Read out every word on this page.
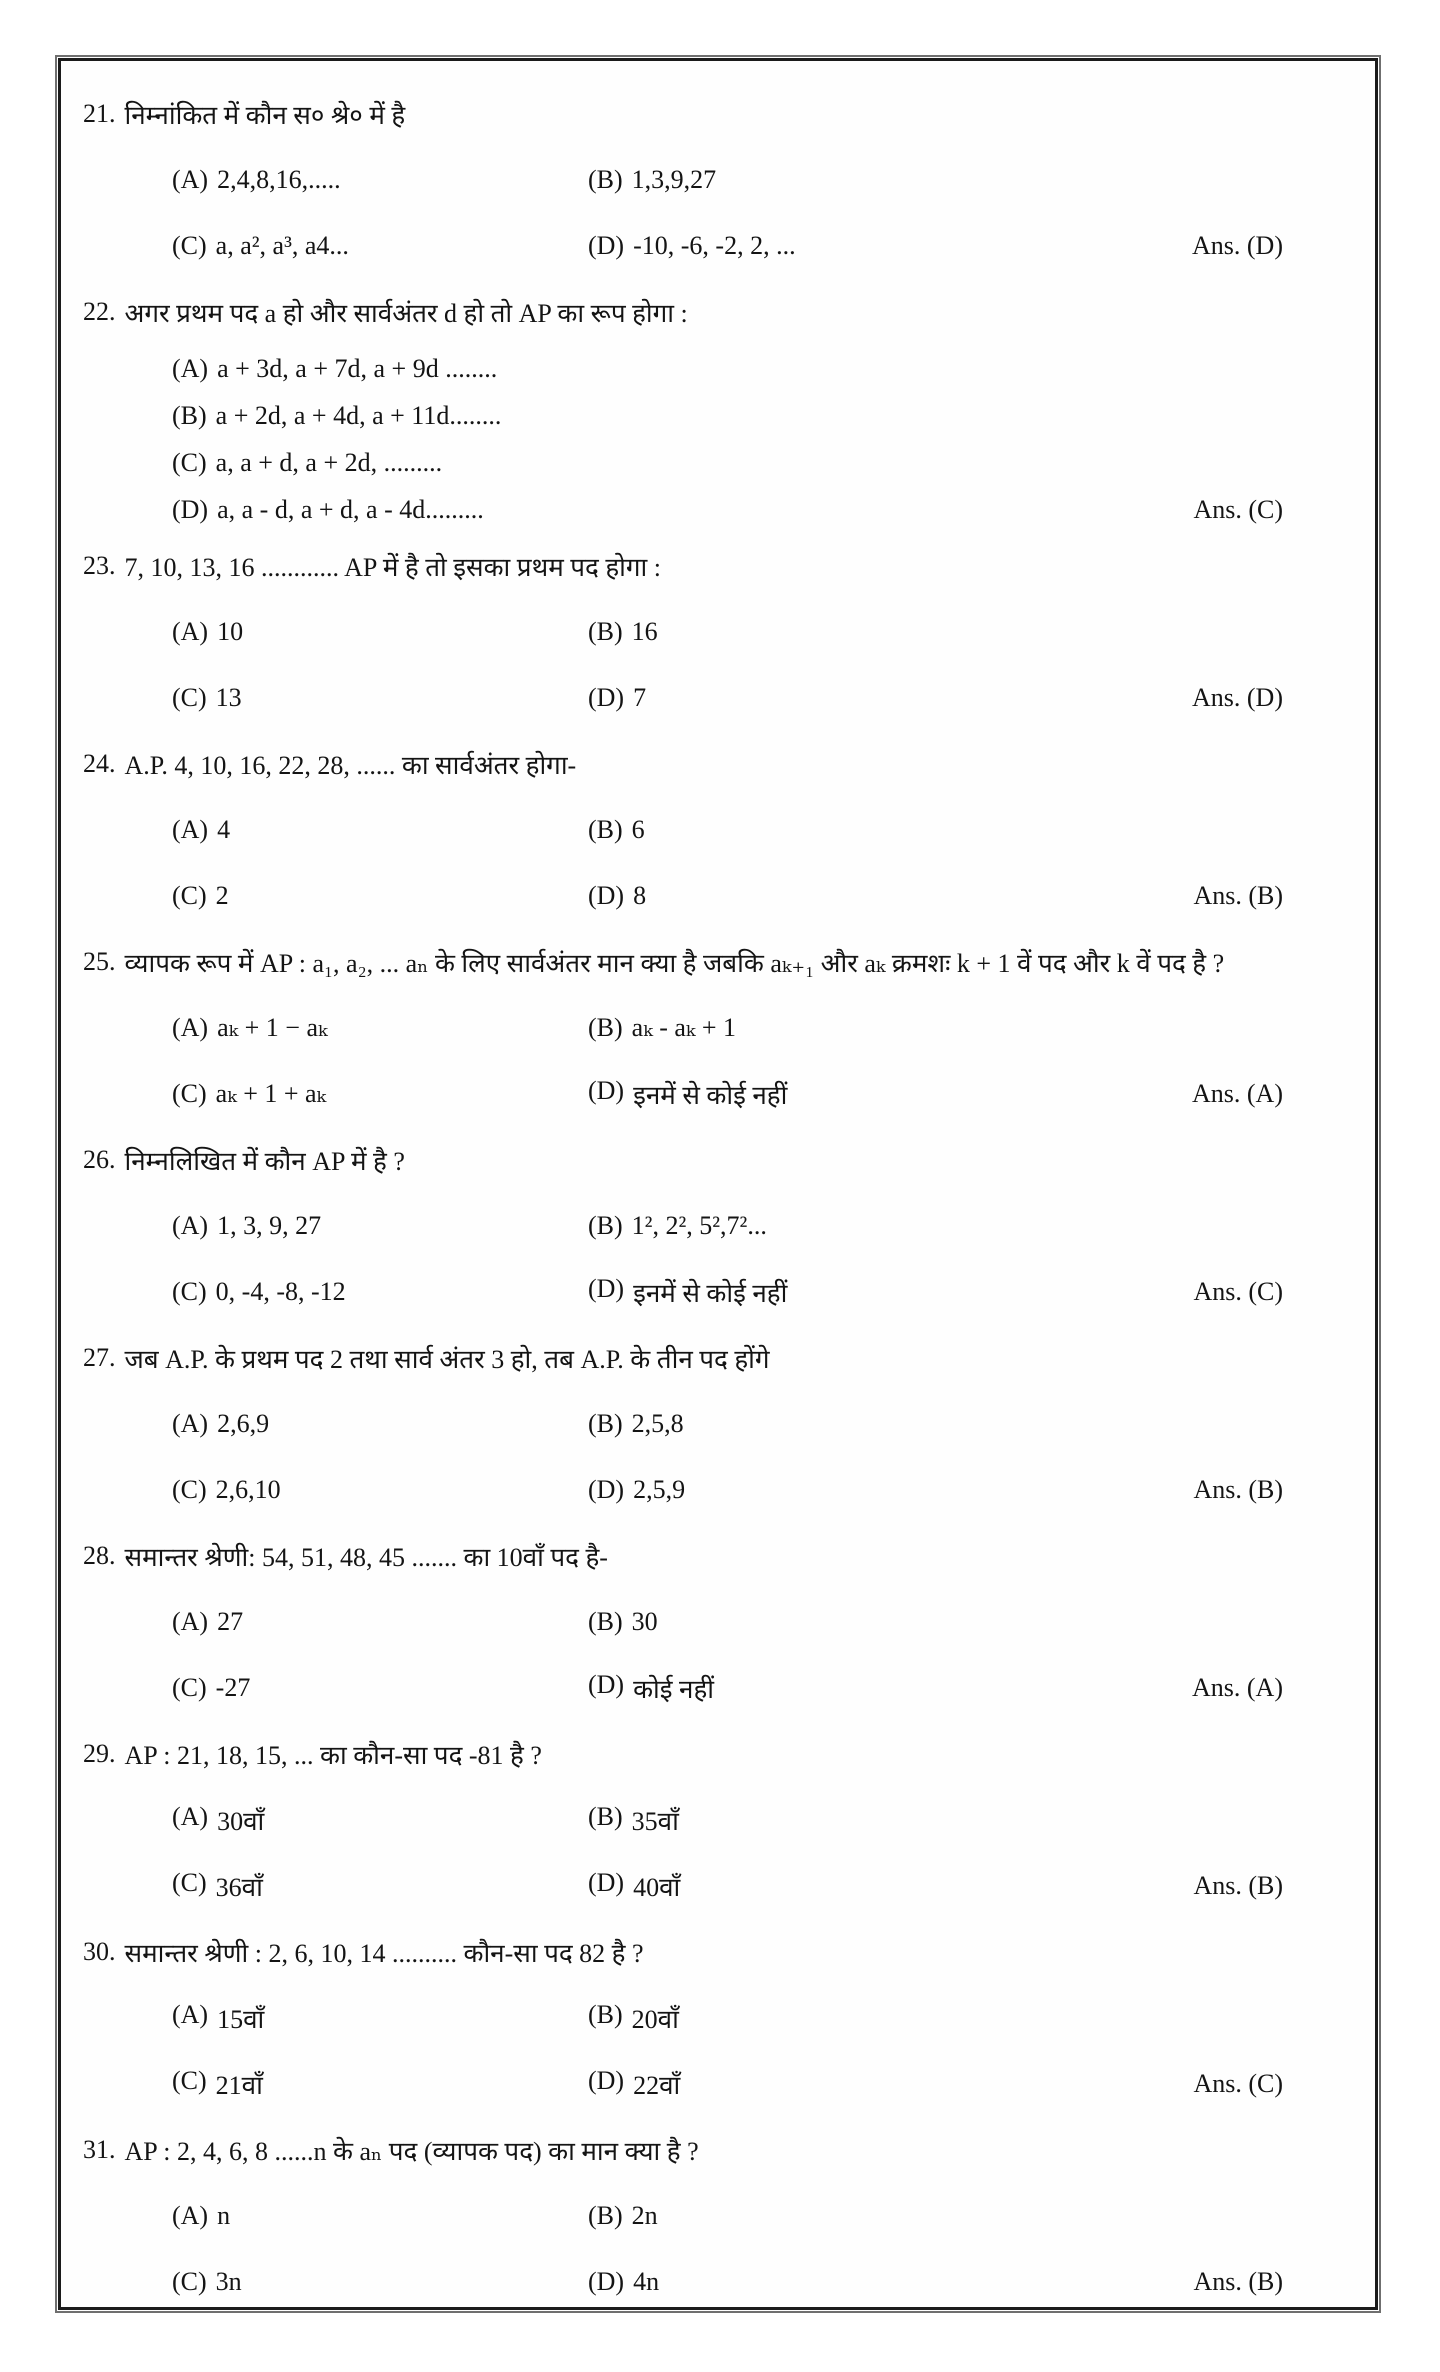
21. निम्नांकित में कौन स० श्रे० में है
(A) 2,4,8,16,.....	(B) 1,3,9,27
(C) a, a², a³, a4...	(D) -10, -6, -2, 2, ...	Ans. (D)
22. अगर प्रथम पद a हो और सार्वअंतर d हो तो AP का रूप होगा :
(A) a + 3d, a + 7d, a + 9d ........
(B) a + 2d, a + 4d, a + 11d........
(C) a, a + d, a + 2d, .........
(D) a, a - d, a + d, a - 4d.........	Ans. (C)
23. 7, 10, 13, 16 ............ AP में है तो इसका प्रथम पद होगा :
(A) 10	(B) 16
(C) 13	(D) 7	Ans. (D)
24. A.P. 4, 10, 16, 22, 28, ...... का सार्वअंतर होगा-
(A) 4	(B) 6
(C) 2	(D) 8	Ans. (B)
25. व्यापक रूप में AP : a₁, a₂, ... aₙ के लिए सार्वअंतर मान क्या है जबकि aₖ₊₁ और aₖ क्रमशः k + 1 वें पद और k वें पद है ?
(A) aₖ + 1 − aₖ	(B) aₖ - aₖ + 1
(C) aₖ + 1 + aₖ	(D) इनमें से कोई नहीं	Ans. (A)
26. निम्नलिखित में कौन AP में है ?
(A) 1, 3, 9, 27	(B) 1², 2², 5²,7²...
(C) 0, -4, -8, -12	(D) इनमें से कोई नहीं	Ans. (C)
27. जब A.P. के प्रथम पद 2 तथा सार्व अंतर 3 हो, तब A.P. के तीन पद होंगे
(A) 2,6,9	(B) 2,5,8
(C) 2,6,10	(D) 2,5,9	Ans. (B)
28. समान्तर श्रेणी: 54, 51, 48, 45 ....... का 10वाँ पद है-
(A) 27	(B) 30
(C) -27	(D) कोई नहीं	Ans. (A)
29. AP : 21, 18, 15, ... का कौन-सा पद -81 है ?
(A) 30वाँ	(B) 35वाँ
(C) 36वाँ	(D) 40वाँ	Ans. (B)
30. समान्तर श्रेणी : 2, 6, 10, 14 .......... कौन-सा पद 82 है ?
(A) 15वाँ	(B) 20वाँ
(C) 21वाँ	(D) 22वाँ	Ans. (C)
31. AP : 2, 4, 6, 8 ......n के aₙ पद (व्यापक पद) का मान क्या है ?
(A) n	(B) 2n
(C) 3n	(D) 4n	Ans. (B)
